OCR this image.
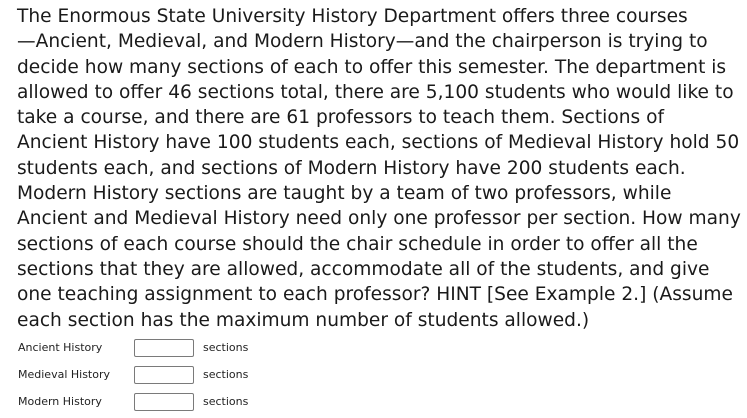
The Enormous State University History Department offers three courses
—Ancient, Medieval, and Modern History—and the chairperson is trying to
decide how many sections of each to offer this semester. The department is
allowed to offer 46 sections total, there are 5,100 students who would like to
take a course, and there are 61 professors to teach them. Sections of
Ancient History have 100 students each, sections of Medieval History hold 50
students each, and sections of Modern History have 200 students each.
Modern History sections are taught by a team of two professors, while
Ancient and Medieval History need only one professor per section. How many
sections of each course should the chair schedule in order to offer all the
sections that they are allowed, accommodate all of the students, and give
one teaching assignment to each professor? HINT [See Example 2.] (Assume
each section has the maximum number of students allowed.)
Ancient History	sections
Medieval History	sections
Modern History	sections
